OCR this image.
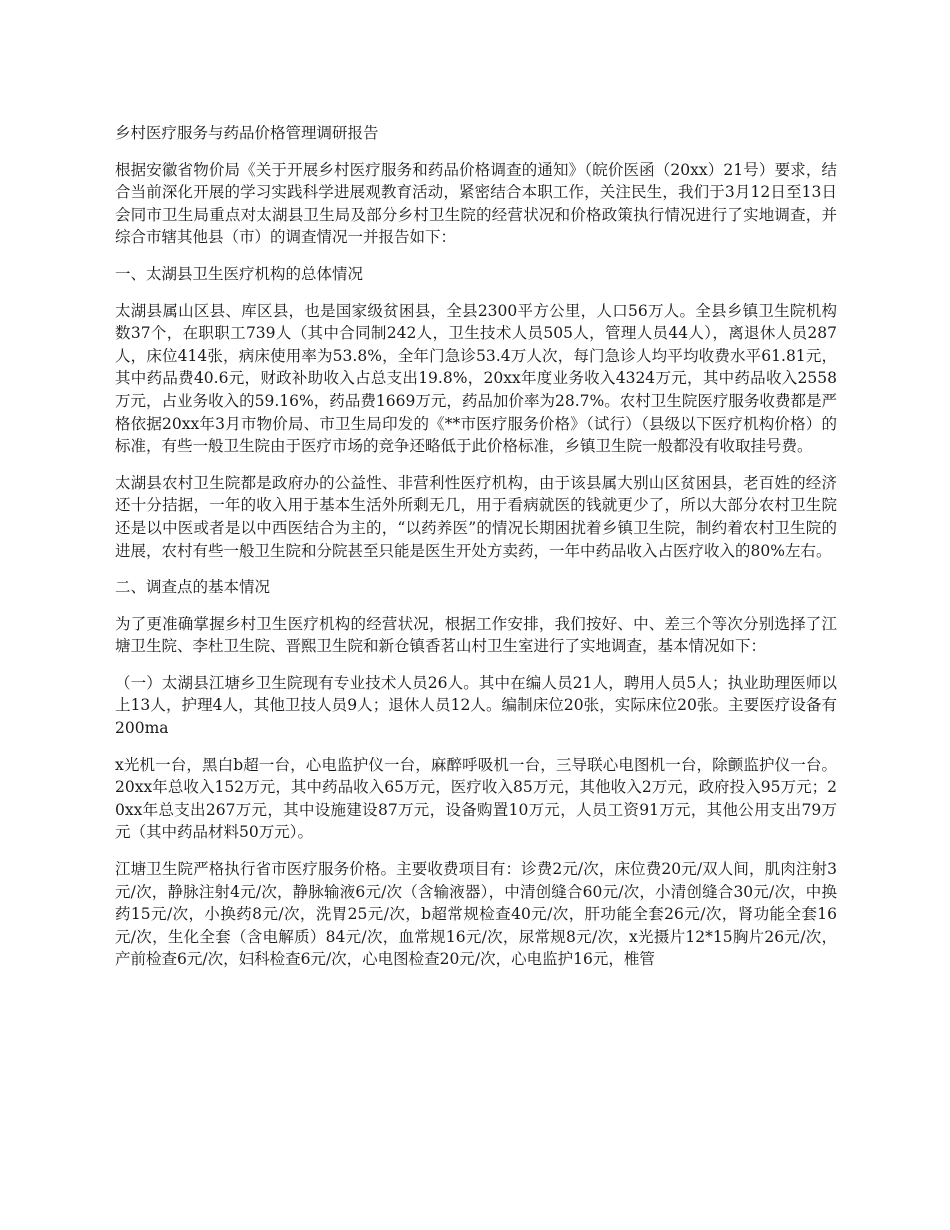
乡村医疗服务与药品价格管理调研报告

根据安徽省物价局《关于开展乡村医疗服务和药品价格调查的通知》（皖价医函（20xx）21号）要求，结合当前深化开展的学习实践科学进展观教育活动，紧密结合本职工作，关注民生，我们于3月12日至13日会同市卫生局重点对太湖县卫生局及部分乡村卫生院的经营状况和价格政策执行情况进行了实地调查，并综合市辖其他县（市）的调查情况一并报告如下：

一、太湖县卫生医疗机构的总体情况

太湖县属山区县、库区县，也是国家级贫困县，全县2300平方公里，人口56万人。全县乡镇卫生院机构数37个，在职职工739人（其中合同制242人，卫生技术人员505人，管理人员44人），离退休人员287人，床位414张，病床使用率为53.8%，全年门急诊53.4万人次，每门急诊人均平均收费水平61.81元，其中药品费40.6元，财政补助收入占总支出19.8%，20xx年度业务收入4324万元，其中药品收入2558万元，占业务收入的59.16%，药品费1669万元，药品加价率为28.7%。农村卫生院医疗服务收费都是严格依据20xx年3月市物价局、市卫生局印发的《**市医疗服务价格》（试行）（县级以下医疗机构价格）的标准，有些一般卫生院由于医疗市场的竞争还略低于此价格标准，乡镇卫生院一般都没有收取挂号费。

太湖县农村卫生院都是政府办的公益性、非营利性医疗机构，由于该县属大别山区贫困县，老百姓的经济还十分拮据，一年的收入用于基本生活外所剩无几，用于看病就医的钱就更少了，所以大部分农村卫生院还是以中医或者是以中西医结合为主的，“以药养医”的情况长期困扰着乡镇卫生院，制约着农村卫生院的进展，农村有些一般卫生院和分院甚至只能是医生开处方卖药，一年中药品收入占医疗收入的80%左右。

二、调查点的基本情况

为了更准确掌握乡村卫生医疗机构的经营状况，根据工作安排，我们按好、中、差三个等次分别选择了江塘卫生院、李杜卫生院、晋熙卫生院和新仓镇香茗山村卫生室进行了实地调查，基本情况如下：

（一）太湖县江塘乡卫生院现有专业技术人员26人。其中在编人员21人，聘用人员5人；执业助理医师以上13人，护理4人，其他卫技人员9人；退休人员12人。编制床位20张，实际床位20张。主要医疗设备有200ma

x光机一台，黑白b超一台，心电监护仪一台，麻醉呼吸机一台，三导联心电图机一台，除颤监护仪一台。20xx年总收入152万元，其中药品收入65万元，医疗收入85万元，其他收入2万元，政府投入95万元；20xx年总支出267万元，其中设施建设87万元，设备购置10万元，人员工资91万元，其他公用支出79万元（其中药品材料50万元）。

江塘卫生院严格执行省市医疗服务价格。主要收费项目有：诊费2元/次，床位费20元/双人间，肌肉注射3元/次，静脉注射4元/次，静脉输液6元/次（含输液器），中清创缝合60元/次，小清创缝合30元/次，中换药15元/次，小换药8元/次，洗胃25元/次，b超常规检查40元/次，肝功能全套26元/次，肾功能全套16元/次，生化全套（含电解质）84元/次，血常规16元/次，尿常规8元/次，x光摄片12*15胸片26元/次，产前检查6元/次，妇科检查6元/次，心电图检查20元/次，心电监护16元，椎管
